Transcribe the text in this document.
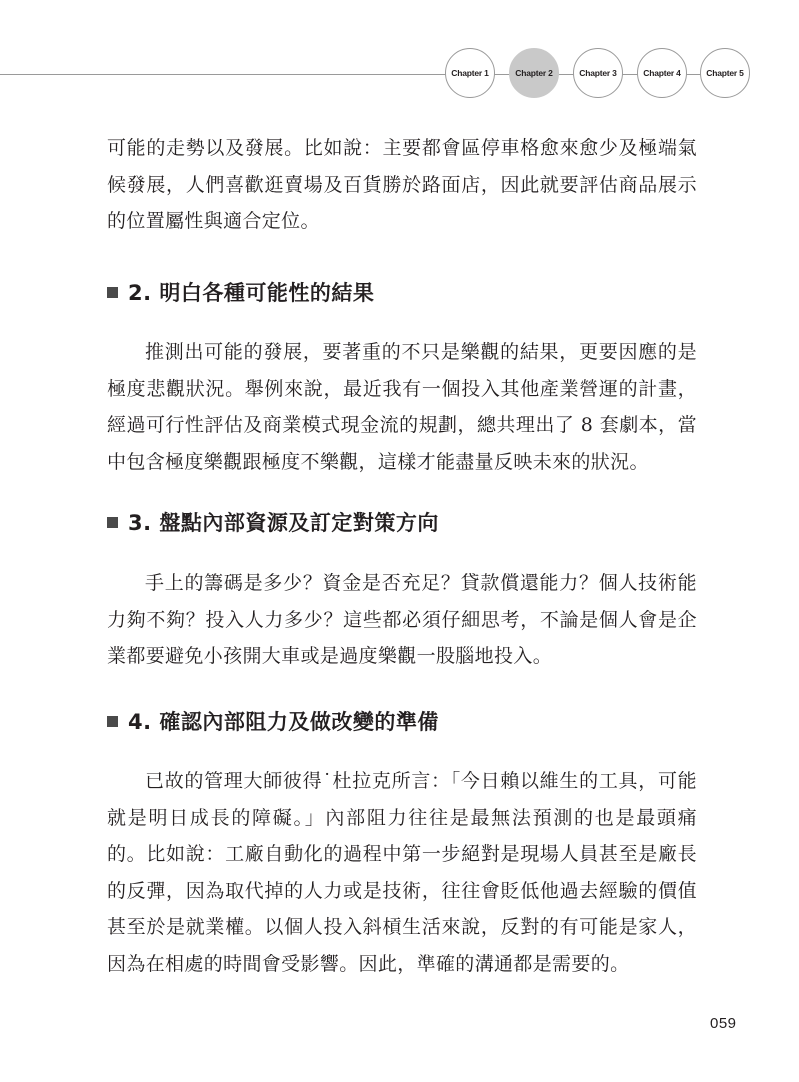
Chapter 1	Chapter 2	Chapter 3	Chapter 4	Chapter 5

可能的走勢以及發展。比如說：主要都會區停車格愈來愈少及極端氣候發展，人們喜歡逛賣場及百貨勝於路面店，因此就要評估商品展示的位置屬性與適合定位。

2. 明白各種可能性的結果

推測出可能的發展，要著重的不只是樂觀的結果，更要因應的是極度悲觀狀況。舉例來說，最近我有一個投入其他產業營運的計畫，經過可行性評估及商業模式現金流的規劃，總共理出了 8 套劇本，當中包含極度樂觀跟極度不樂觀，這樣才能盡量反映未來的狀況。

3. 盤點內部資源及訂定對策方向

手上的籌碼是多少？資金是否充足？貸款償還能力？個人技術能力夠不夠？投入人力多少？這些都必須仔細思考，不論是個人會是企業都要避免小孩開大車或是過度樂觀一股腦地投入。

4. 確認內部阻力及做改變的準備

已故的管理大師彼得˙杜拉克所言：「今日賴以維生的工具，可能就是明日成長的障礙。」內部阻力往往是最無法預測的也是最頭痛的。比如說：工廠自動化的過程中第一步絕對是現場人員甚至是廠長的反彈，因為取代掉的人力或是技術，往往會貶低他過去經驗的價值甚至於是就業權。以個人投入斜槓生活來說，反對的有可能是家人，因為在相處的時間會受影響。因此，準確的溝通都是需要的。

059
